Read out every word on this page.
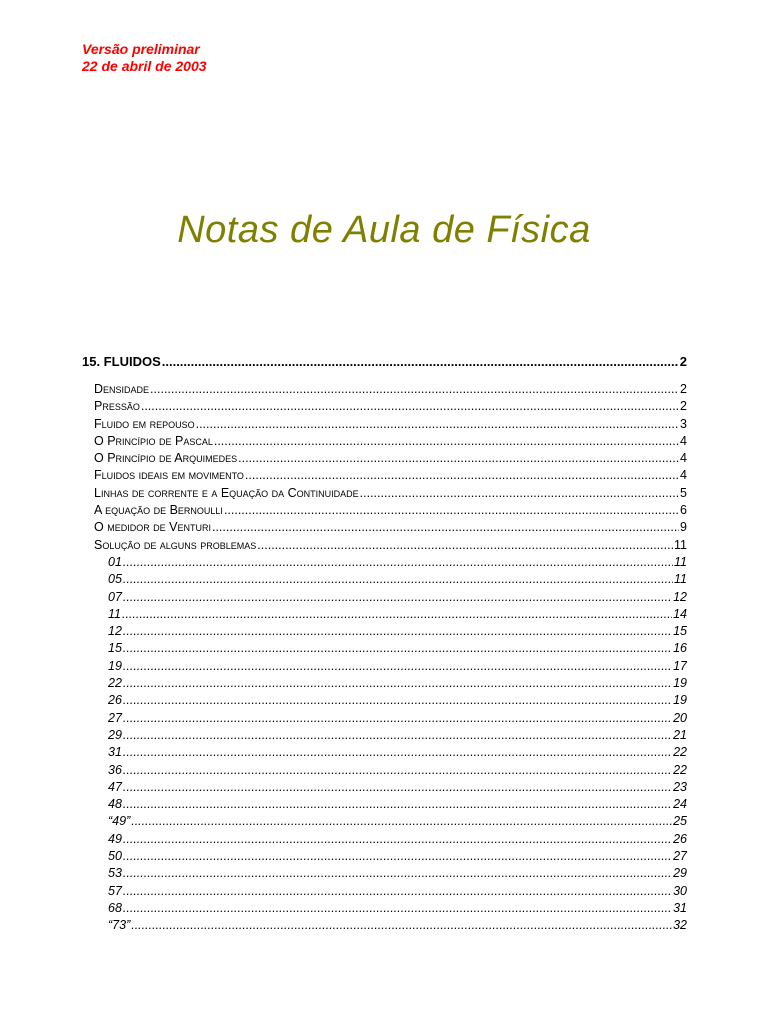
Versão preliminar
22 de abril de 2003
Notas de Aula de Física
15. FLUIDOS .....	2
Densidade .....	2
Pressão .....	2
Fluido em repouso .....	3
O Princípio de Pascal .....	4
O Princípio de Arquimedes .....	4
Fluidos ideais em movimento .....	4
Linhas de corrente e a Equação da Continuidade .....	5
A equação de Bernoulli .....	6
O medidor de Venturi .....	9
Solução de alguns problemas .....	11
01 .....	11
05 .....	11
07 .....	12
11 .....	14
12 .....	15
15 .....	16
19 .....	17
22 .....	19
26 .....	19
27 .....	20
29 .....	21
31 .....	22
36 .....	22
47 .....	23
48 .....	24
“49” .....	25
49 .....	26
50 .....	27
53 .....	29
57 .....	30
68 .....	31
“73” .....	32
